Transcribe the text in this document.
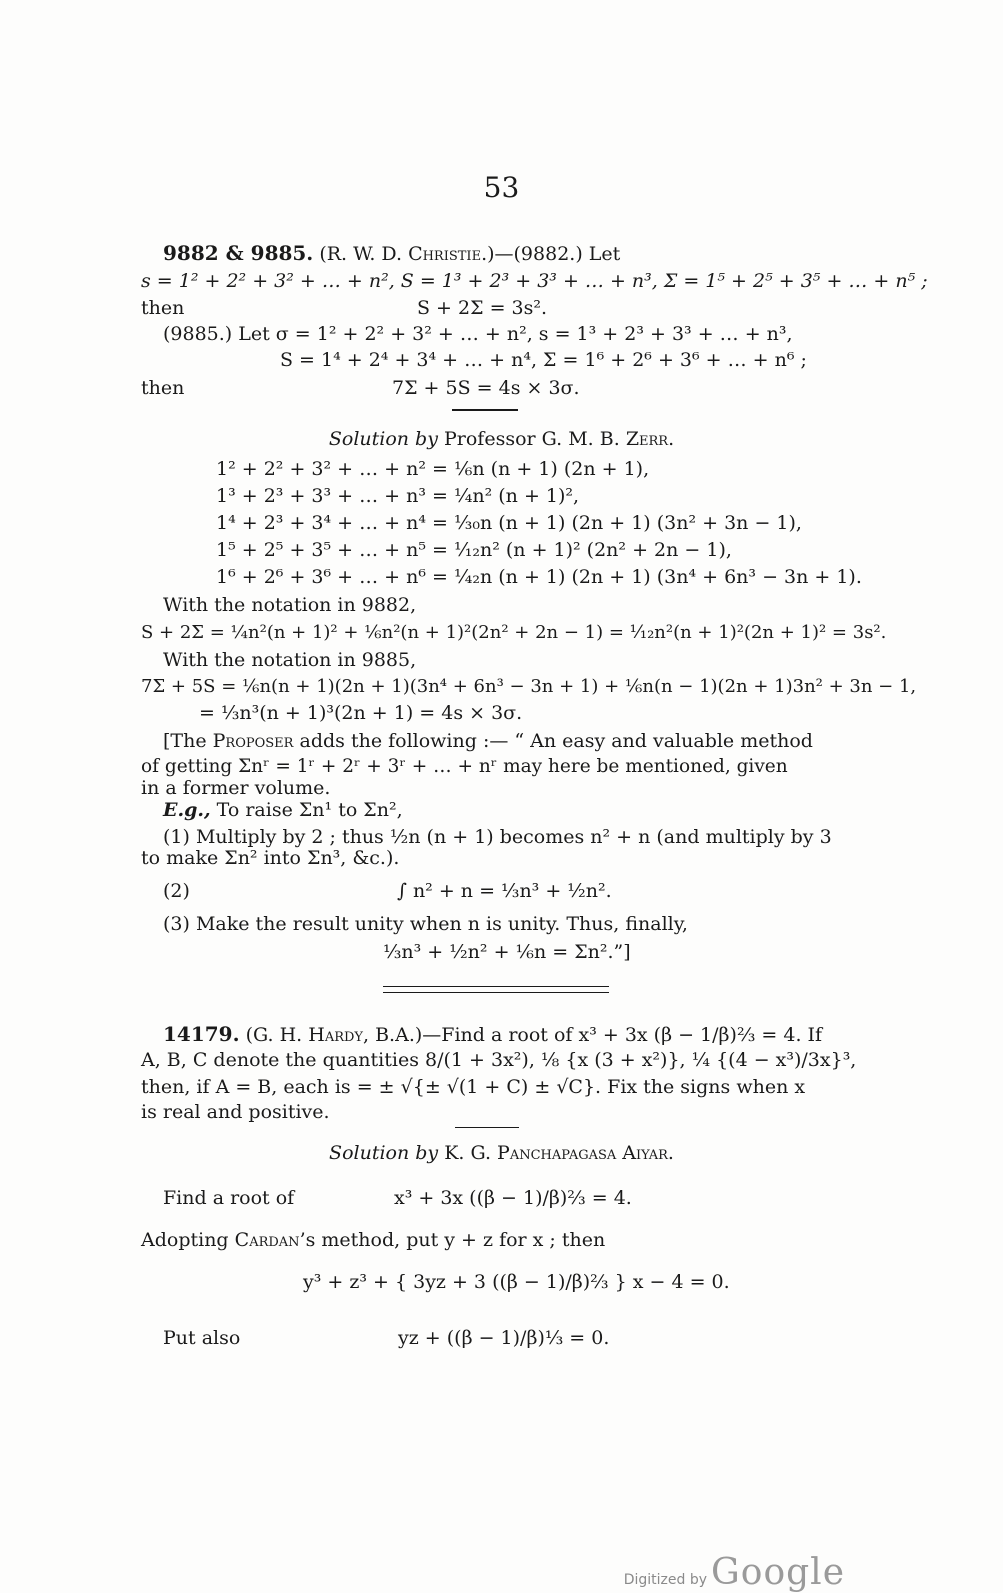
53
9882 & 9885. (R. W. D. Christie.)—(9882.) Let
s = 1² + 2² + 3² + … + n², S = 1³ + 2³ + 3³ + … + n³, Σ = 1⁵ + 2⁵ + 3⁵ + … + n⁵ ;
then	S + 2Σ = 3s².
(9885.) Let σ = 1² + 2² + 3² + … + n², s = 1³ + 2³ + 3³ + … + n³,
S = 1⁴ + 2⁴ + 3⁴ + … + n⁴, Σ = 1⁶ + 2⁶ + 3⁶ + … + n⁶ ;
then	7Σ + 5S = 4s × 3σ.
Solution by Professor G. M. B. Zerr.
1² + 2² + 3² + … + n² = ⅙n (n + 1) (2n + 1),
1³ + 2³ + 3³ + … + n³ = ¼n² (n + 1)²,
1⁴ + 2³ + 3⁴ + … + n⁴ = ¹⁄₃₀n (n + 1) (2n + 1) (3n² + 3n − 1),
1⁵ + 2⁵ + 3⁵ + … + n⁵ = ¹⁄₁₂n² (n + 1)² (2n² + 2n − 1),
1⁶ + 2⁶ + 3⁶ + … + n⁶ = ¹⁄₄₂n (n + 1) (2n + 1) (3n⁴ + 6n³ − 3n + 1).
With the notation in 9882,
S + 2Σ = ¼n²(n + 1)² + ⅙n²(n + 1)²(2n² + 2n − 1) = ¹⁄₁₂n²(n + 1)²(2n + 1)² = 3s².
With the notation in 9885,
7Σ + 5S = ⅙n(n + 1)(2n + 1)(3n⁴ + 6n³ − 3n + 1) + ⅙n(n − 1)(2n + 1)3n² + 3n − 1,
= ⅓n³(n + 1)³(2n + 1) = 4s × 3σ.
[The Proposer adds the following :— “ An easy and valuable method
of getting Σnʳ = 1ʳ + 2ʳ + 3ʳ + … + nʳ may here be mentioned, given
in a former volume.
E.g., To raise Σn¹ to Σn²,
(1) Multiply by 2 ; thus ½n (n + 1) becomes n² + n (and multiply by 3
to make Σn² into Σn³, &c.).
(2)	∫ n² + n = ⅓n³ + ½n².
(3) Make the result unity when n is unity. Thus, finally,
⅓n³ + ½n² + ⅙n = Σn².”]
14179. (G. H. Hardy, B.A.)—Find a root of x³ + 3x (β − 1/β)⅔ = 4. If
A, B, C denote the quantities 8/(1 + 3x²), ⅛ {x (3 + x²)}, ¼ {(4 − x³)/3x}³,
then, if A = B, each is = ± √{± √(1 + C) ± √C}. Fix the signs when x
is real and positive.
Solution by K. G. Panchapagasa Aiyar.
Find a root of	x³ + 3x ((β − 1)/β)⅔ = 4.
Adopting Cardan’s method, put y + z for x ; then
y³ + z³ + { 3yz + 3 ((β − 1)/β)⅔ } x − 4 = 0.
Put also	yz + ((β − 1)/β)⅓ = 0.
Digitized by Google
